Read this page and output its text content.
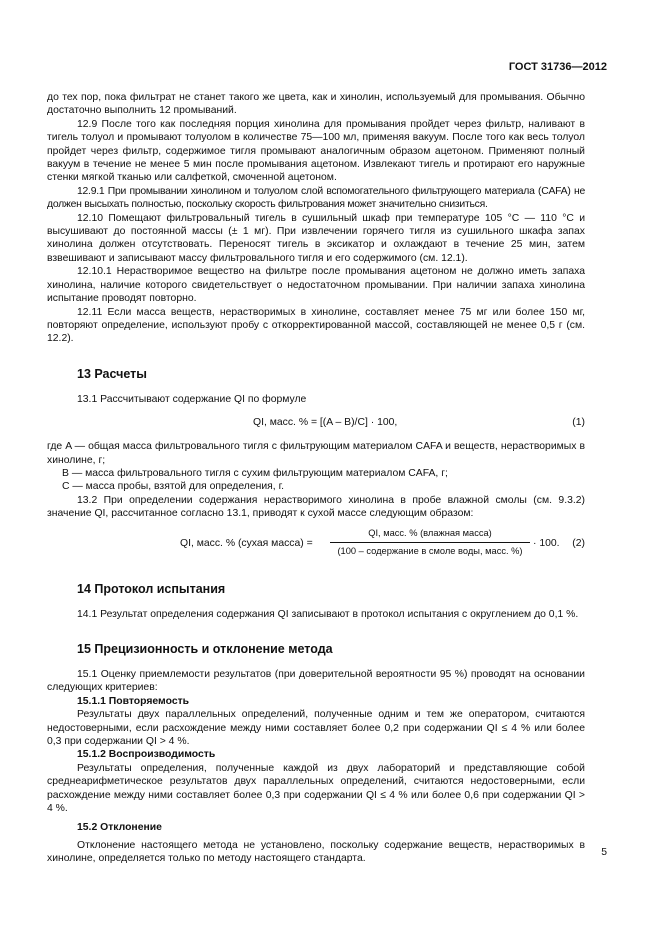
ГОСТ 31736—2012

до тех пор, пока фильтрат не станет такого же цвета, как и хинолин, используемый для промывания. Обычно достаточно выполнить 12 промываний.

12.9 После того как последняя порция хинолина для промывания пройдет через фильтр, наливают в тигель толуол и промывают толуолом в количестве 75—100 мл, применяя вакуум. После того как весь толуол пройдет через фильтр, содержимое тигля промывают аналогичным образом ацетоном. Применяют полный вакуум в течение не менее 5 мин после промывания ацетоном. Извлекают тигель и протирают его наружные стенки мягкой тканью или салфеткой, смоченной ацетоном.

12.9.1 При промывании хинолином и толуолом слой вспомогательного фильтрующего материала (CAFA) не должен высыхать полностью, поскольку скорость фильтрования может значительно снизиться.

12.10 Помещают фильтровальный тигель в сушильный шкаф при температуре 105 °С — 110 °С и высушивают до постоянной массы (± 1 мг). При извлечении горячего тигля из сушильного шкафа запах хинолина должен отсутствовать. Переносят тигель в эксикатор и охлаждают в течение 25 мин, затем взвешивают и записывают массу фильтровального тигля и его содержимого (см. 12.1).

12.10.1 Нерастворимое вещество на фильтре после промывания ацетоном не должно иметь запаха хинолина, наличие которого свидетельствует о недостаточном промывании. При наличии запаха хинолина испытание проводят повторно.

12.11 Если масса веществ, нерастворимых в хинолине, составляет менее 75 мг или более 150 мг, повторяют определение, используют пробу с откорректированной массой, составляющей не менее 0,5 г (см. 12.2).

13 Расчеты

13.1 Рассчитывают содержание QI по формуле

QI, масс. % = [(A – B)/C] · 100,	(1)

где A — общая масса фильтровального тигля с фильтрующим материалом CAFA и веществ, нерастворимых в хинолине, г;

B — масса фильтровального тигля с сухим фильтрующим материалом CAFA, г;

C — масса пробы, взятой для определения, г.

13.2 При определении содержания нерастворимого хинолина в пробе влажной смолы (см. 9.3.2) значение QI, рассчитанное согласно 13.1, приводят к сухой массе следующим образом:

QI, масс. % (сухая масса) =
QI, масс. % (влажная масса)
(100 – содержание в смоле воды, масс. %)
· 100. (2)
14 Протокол испытания

14.1 Результат определения содержания QI записывают в протокол испытания с округлением до 0,1 %.

15 Прецизионность и отклонение метода

15.1 Оценку приемлемости результатов (при доверительной вероятности 95 %) проводят на основании следующих критериев:

15.1.1 Повторяемость

Результаты двух параллельных определений, полученные одним и тем же оператором, считаются недостоверными, если расхождение между ними составляет более 0,2 при содержании QI ≤ 4 % или более 0,3 при содержании QI > 4 %.

15.1.2 Воспроизводимость

Результаты определения, полученные каждой из двух лабораторий и представляющие собой среднеарифметическое результатов двух параллельных определений, считаются недостоверными, если расхождение между ними составляет более 0,3 при содержании QI ≤ 4 % или более 0,6 при содержании QI > 4 %.

15.2 Отклонение

Отклонение настоящего метода не установлено, поскольку содержание веществ, нерастворимых в хинолине, определяется только по методу настоящего стандарта.

5
